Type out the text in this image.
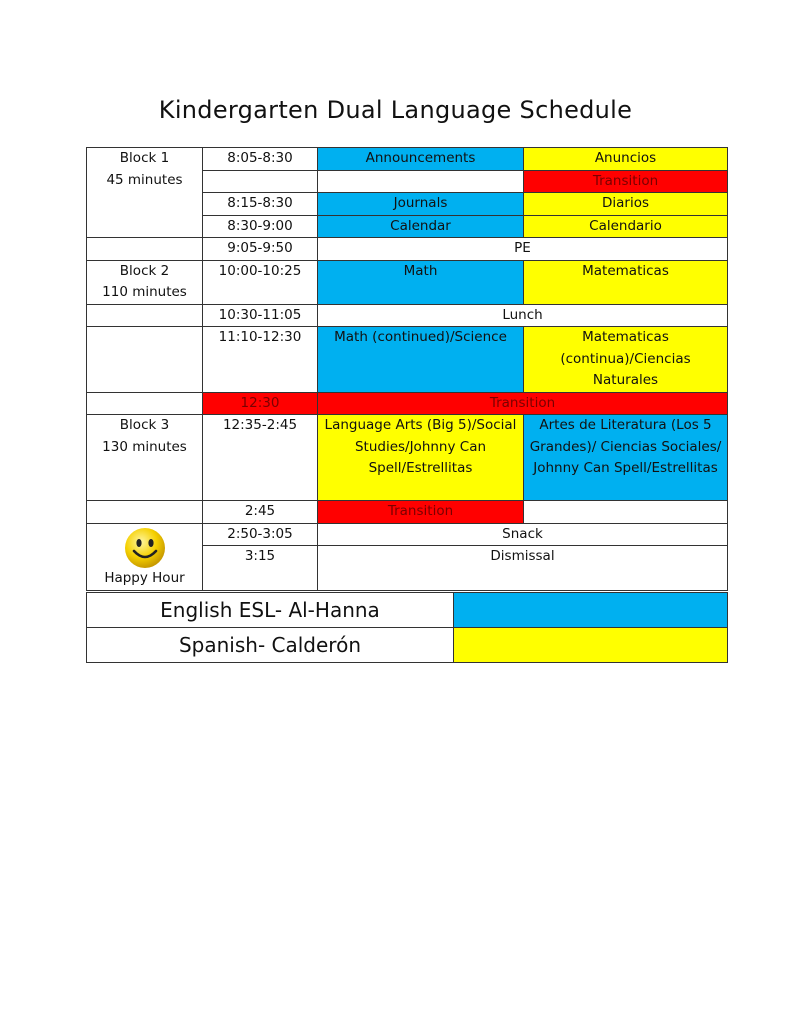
Kindergarten Dual Language Schedule
Block 1
45 minutes	8:05-8:30	Announcements	Anuncios
			Transition
	8:15-8:30	Journals	Diarios
	8:30-9:00	Calendar	Calendario
	9:05-9:50	PE	
Block 2
110 minutes	10:00-10:25	Math	Matematicas
	10:30-11:05	Lunch	
	11:10-12:30	Math (continued)/Science	Matematicas (continua)/Ciencias Naturales
	12:30	Transition	
Block 3
130 minutes	12:35-2:45	Language Arts (Big 5)/Social Studies/Johnny Can Spell/Estrellitas	Artes de Literatura (Los 5 Grandes)/ Ciencias Sociales/ Johnny Can Spell/Estrellitas
	2:45	Transition	

Happy Hour	2:50-3:05	Snack	
	3:15	Dismissal	
English ESL- Al-Hanna	
Spanish- Calderón	
